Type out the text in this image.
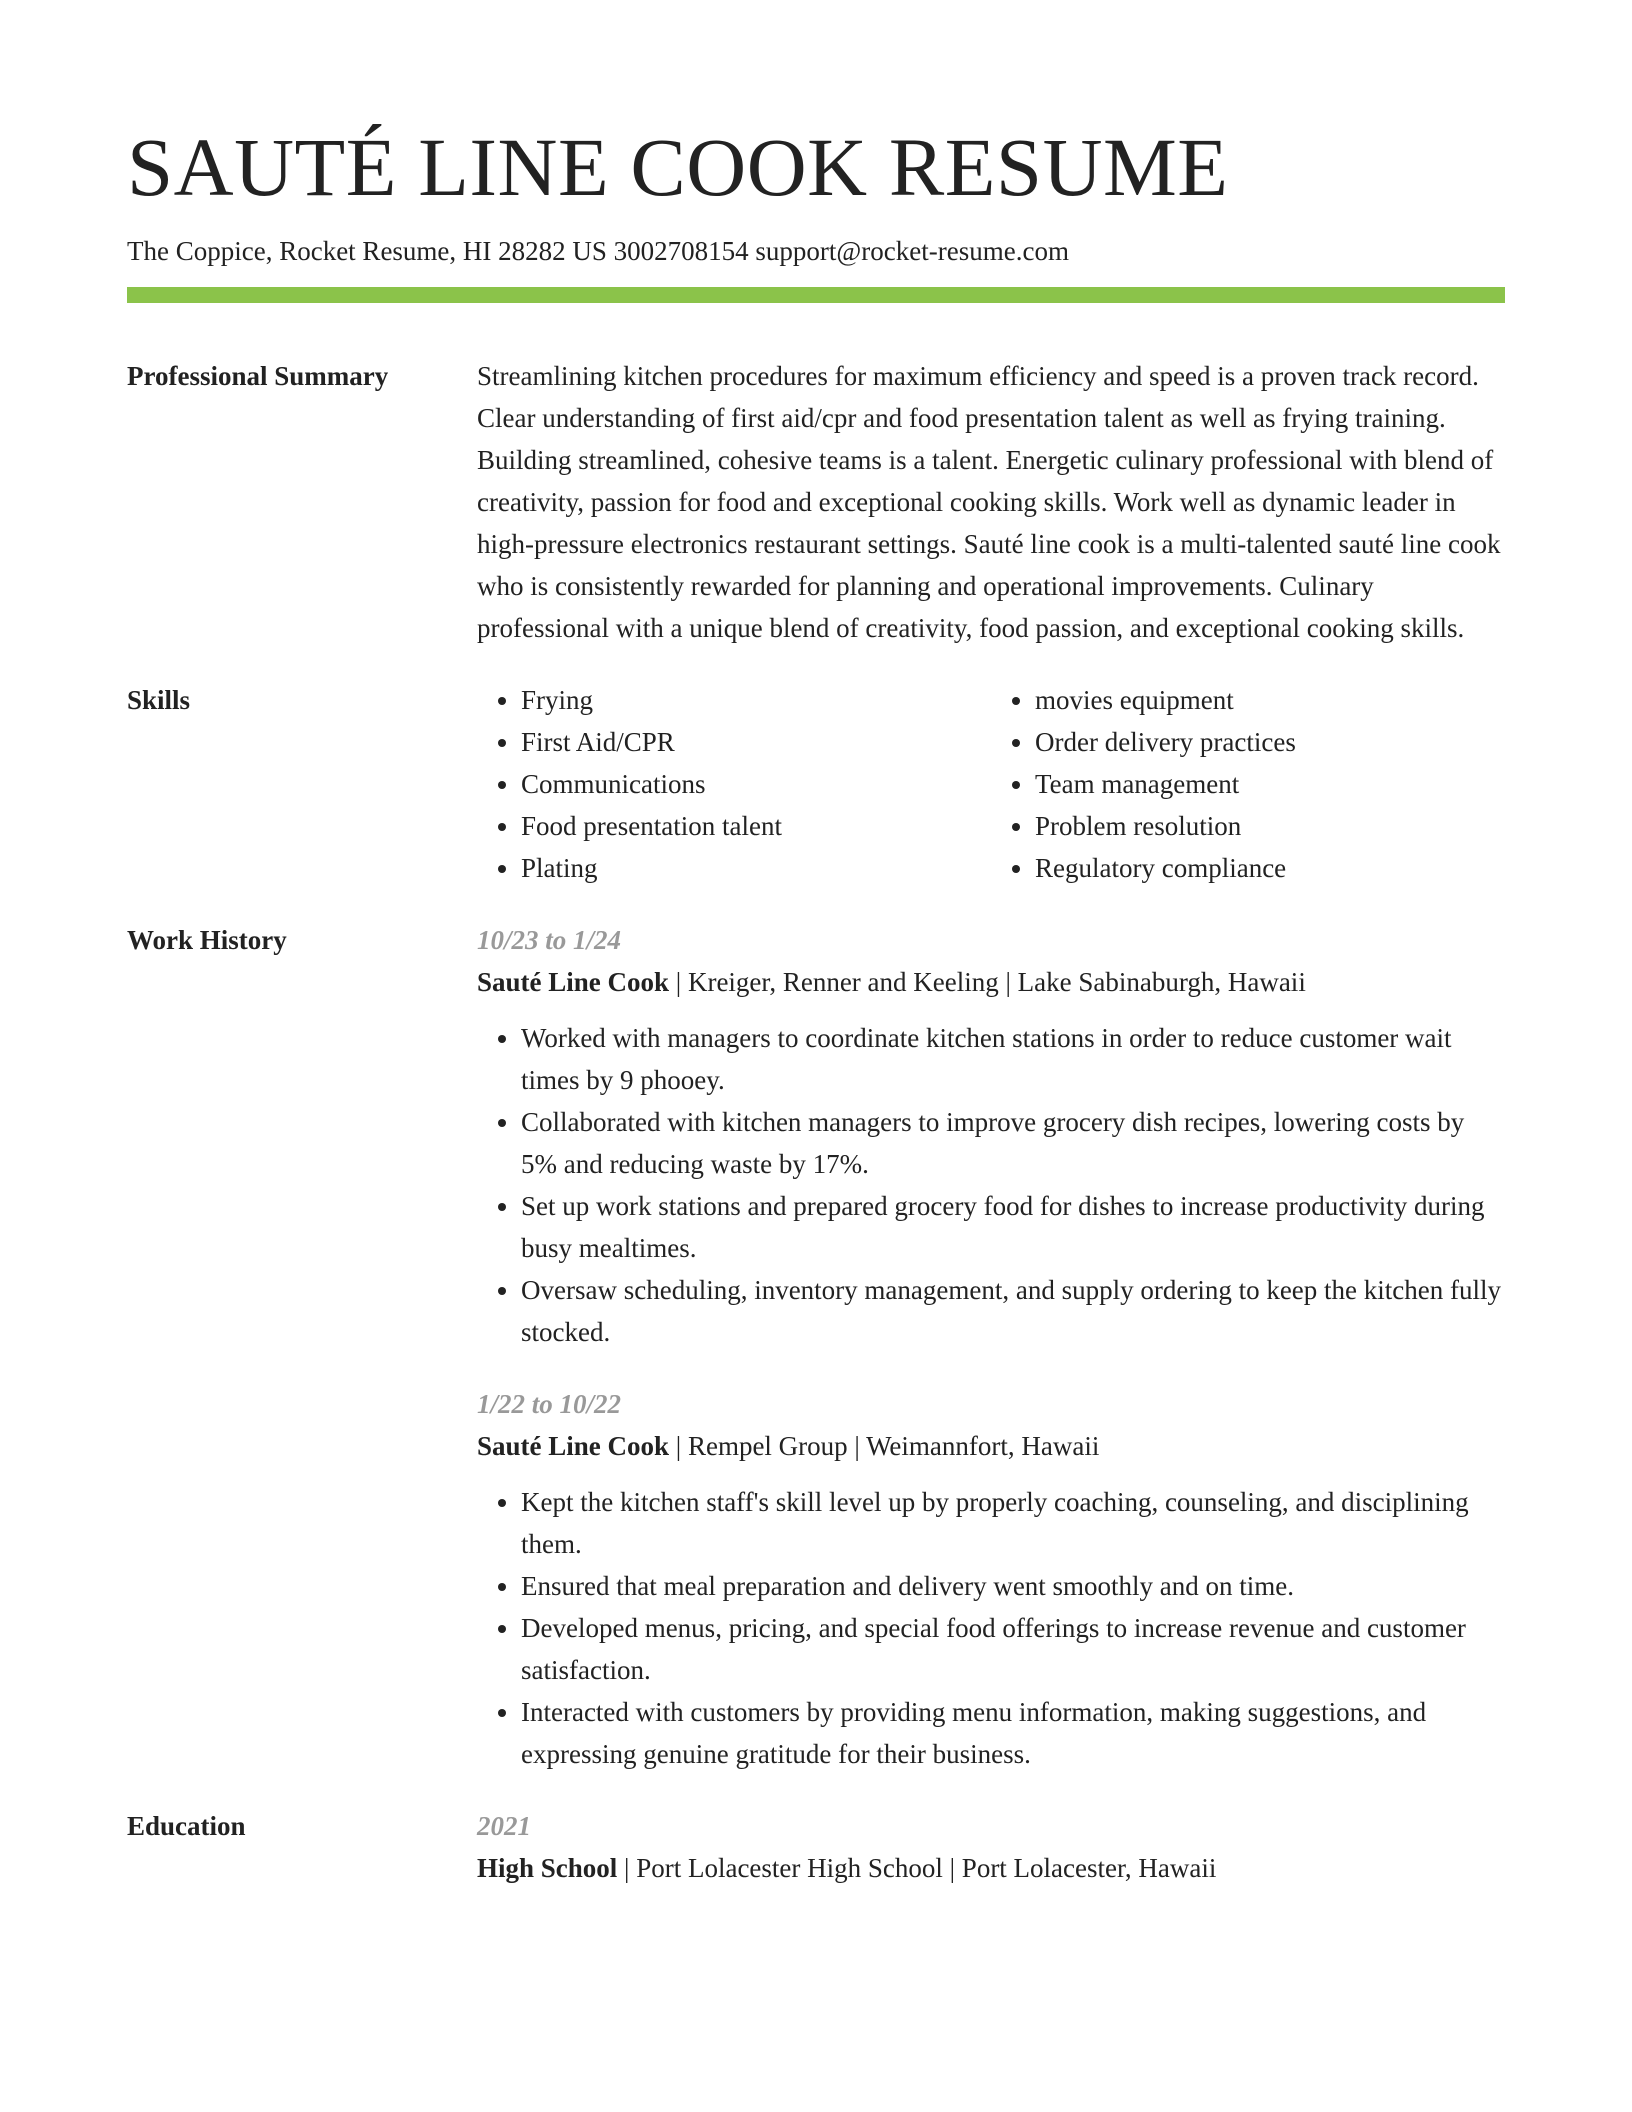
SAUTÉ LINE COOK RESUME
The Coppice, Rocket Resume, HI 28282 US 3002708154 support@rocket-resume.com
Professional Summary	Streamlining kitchen procedures for maximum efficiency and speed is a proven track record. Clear understanding of first aid/cpr and food presentation talent as well as frying training. Building streamlined, cohesive teams is a talent. Energetic culinary professional with blend of creativity, passion for food and exceptional cooking skills. Work well as dynamic leader in high-pressure electronics restaurant settings. Sauté line cook is a multi-talented sauté line cook who is consistently rewarded for planning and operational improvements. Culinary professional with a unique blend of creativity, food passion, and exceptional cooking skills.

Skills
•	Frying
• First Aid/CPR
• Communications
• Food presentation talent
• Plating
• movies equipment
• Order delivery practices
• Team management
• Problem resolution
• Regulatory compliance
Work History	10/23 to 1/24
Sauté Line Cook | Kreiger, Renner and Keeling | Lake Sabinaburgh, Hawaii
• Worked with managers to coordinate kitchen stations in order to reduce customer wait times by 9 phooey.
• Collaborated with kitchen managers to improve grocery dish recipes, lowering costs by 5% and reducing waste by 17%.
• Set up work stations and prepared grocery food for dishes to increase productivity during busy mealtimes.
• Oversaw scheduling, inventory management, and supply ordering to keep the kitchen fully stocked.
1/22 to 10/22
Sauté Line Cook | Rempel Group | Weimannfort, Hawaii
• Kept the kitchen staff's skill level up by properly coaching, counseling, and disciplining them.
• Ensured that meal preparation and delivery went smoothly and on time.
• Developed menus, pricing, and special food offerings to increase revenue and customer satisfaction.
• Interacted with customers by providing menu information, making suggestions, and expressing genuine gratitude for their business.
Education	2021
High School | Port Lolacester High School | Port Lolacester, Hawaii
